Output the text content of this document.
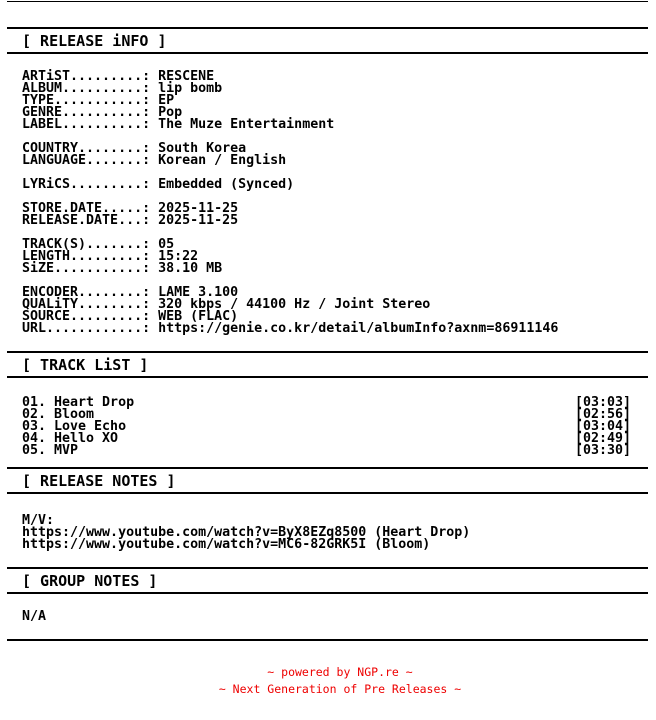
[ RELEASE iNFO ]
ARTiST.........: RESCENE
ALBUM..........: lip bomb
TYPE...........: EP
GENRE..........: Pop
LABEL..........: The Muze Entertainment
COUNTRY........: South Korea
LANGUAGE.......: Korean / English
LYRiCS.........: Embedded (Synced)
STORE.DATE.....: 2025-11-25
RELEASE.DATE...: 2025-11-25
TRACK(S).......: 05
LENGTH.........: 15:22
SiZE...........: 38.10 MB
ENCODER........: LAME 3.100
QUALiTY........: 320 kbps / 44100 Hz / Joint Stereo
SOURCE.........: WEB (FLAC)
URL............: https://genie.co.kr/detail/albumInfo?axnm=86911146
[ TRACK LiST ]
01. Heart Drop	[03:03]
02. Bloom	[02:56]
03. Love Echo	[03:04]
04. Hello XO	[02:49]
05. MVP	[03:30]
[ RELEASE NOTES ]
M/V:
https://www.youtube.com/watch?v=ByX8EZq8500 (Heart Drop)
https://www.youtube.com/watch?v=MC6-82GRK5I (Bloom)
[ GROUP NOTES ]
N/A
~ powered by NGP.re ~
~ Next Generation of Pre Releases ~
